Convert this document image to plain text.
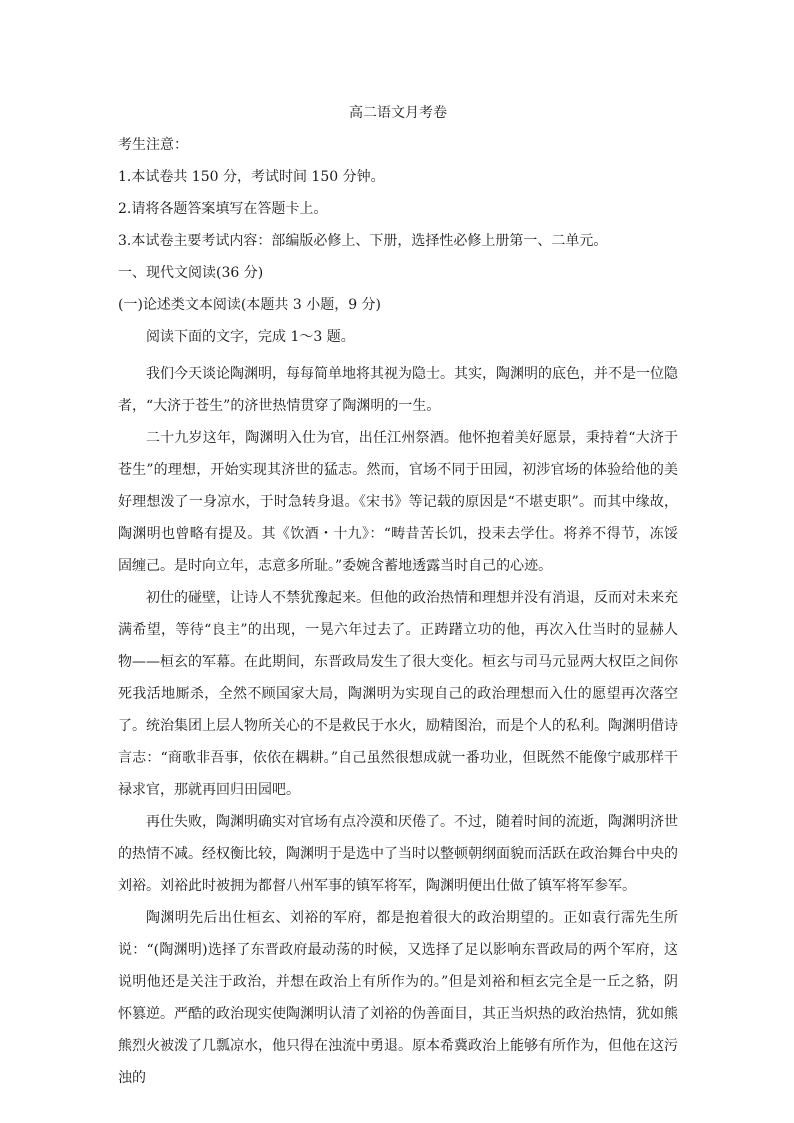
高二语文月考卷
考生注意：
1.本试卷共 150 分，考试时间 150 分钟。
2.请将各题答案填写在答题卡上。
3.本试卷主要考试内容：部编版必修上、下册，选择性必修上册第一、二单元。
一、现代文阅读(36 分)
(一)论述类文本阅读(本题共 3 小题，9 分)
阅读下面的文字，完成 1～3 题。

我们今天谈论陶渊明，每每简单地将其视为隐士。其实，陶渊明的底色，并不是一位隐者，“大济于苍生”的济世热情贯穿了陶渊明的一生。

二十九岁这年，陶渊明入仕为官，出任江州祭酒。他怀抱着美好愿景，秉持着“大济于苍生”的理想，开始实现其济世的猛志。然而，官场不同于田园，初涉官场的体验给他的美好理想泼了一身凉水，于时急转身退。《宋书》等记载的原因是“不堪吏职”。而其中缘故，陶渊明也曾略有提及。其《饮酒・十九》：“畴昔苦长饥，投耒去学仕。将养不得节，冻馁固缠己。是时向立年，志意多所耻。”委婉含蓄地透露当时自己的心迹。

初仕的碰壁，让诗人不禁犹豫起来。但他的政治热情和理想并没有消退，反而对未来充满希望，等待“良主”的出现，一晃六年过去了。正踌躇立功的他，再次入仕当时的显赫人物——桓玄的军幕。在此期间，东晋政局发生了很大变化。桓玄与司马元显两大权臣之间你死我活地厮杀，全然不顾国家大局，陶渊明为实现自己的政治理想而入仕的愿望再次落空了。统治集团上层人物所关心的不是救民于水火，励精图治，而是个人的私利。陶渊明借诗言志：“商歌非吾事，依依在耦耕。”自己虽然很想成就一番功业，但既然不能像宁戚那样干禄求官，那就再回归田园吧。

再仕失败，陶渊明确实对官场有点冷漠和厌倦了。不过，随着时间的流逝，陶渊明济世的热情不减。经权衡比较，陶渊明于是选中了当时以整顿朝纲面貌而活跃在政治舞台中央的刘裕。刘裕此时被拥为都督八州军事的镇军将军，陶渊明便出仕做了镇军将军参军。

陶渊明先后出仕桓玄、刘裕的军府，都是抱着很大的政治期望的。正如袁行霈先生所说：“(陶渊明)选择了东晋政府最动荡的时候，又选择了足以影响东晋政局的两个军府，这说明他还是关注于政治，并想在政治上有所作为的。”但是刘裕和桓玄完全是一丘之貉，阴怀篡逆。严酷的政治现实使陶渊明认清了刘裕的伪善面目，其正当炽热的政治热情，犹如熊熊烈火被泼了几瓢凉水，他只得在浊流中勇退。原本希冀政治上能够有所作为，但他在这污浊的
